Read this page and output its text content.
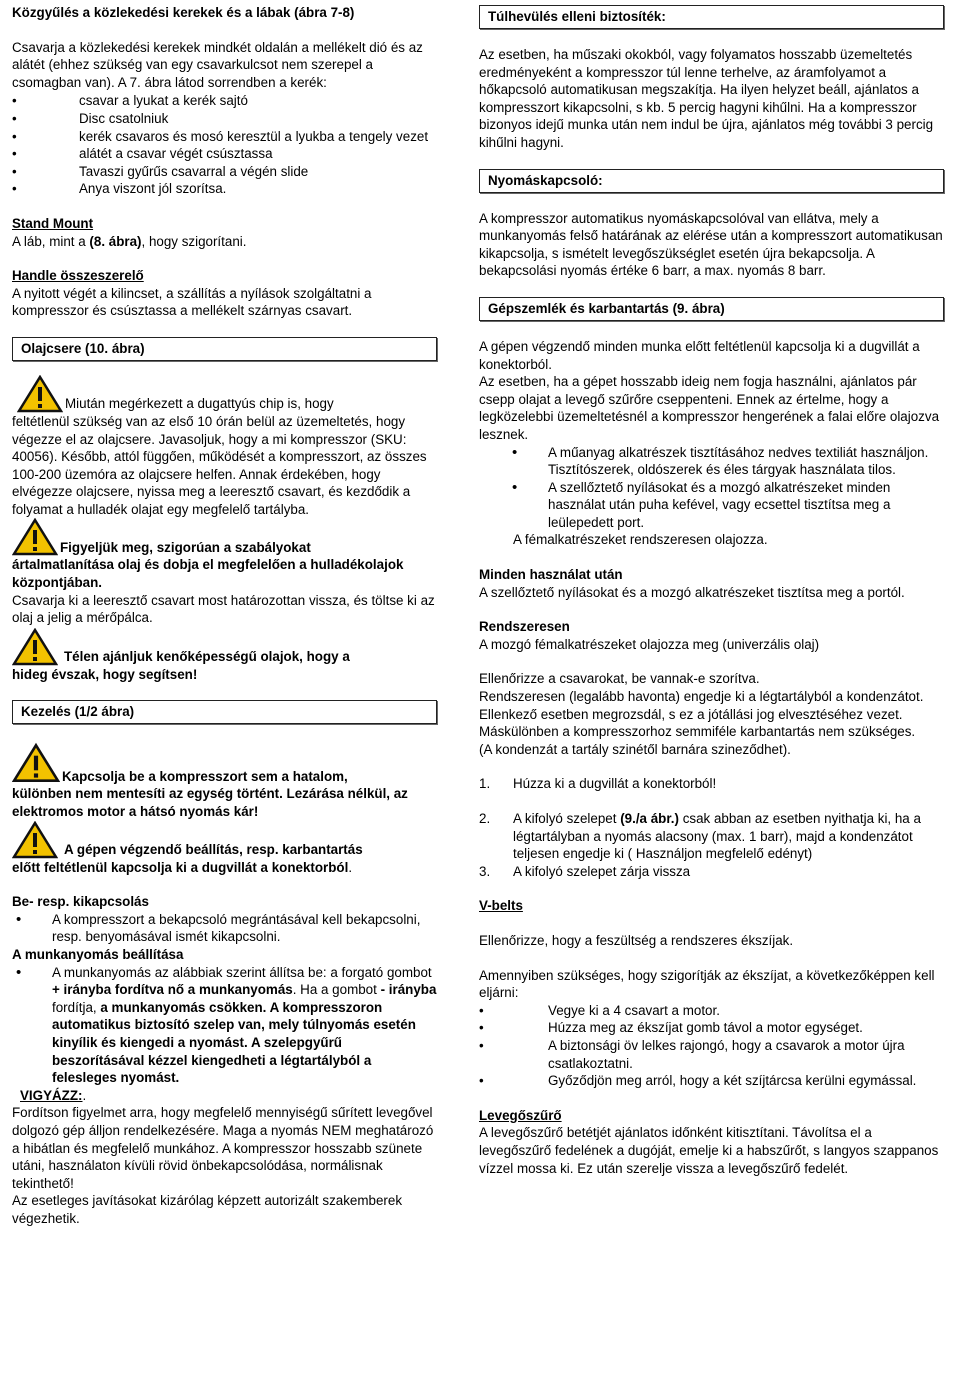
Közgyűlés a közlekedési kerekek és a lábak (ábra 7-8)

Csavarja a közlekedési kerekek mindkét oldalán a mellékelt dió és az alátét (ehhez szükség van egy csavarkulcsot nem szerepel a csomagban van). A 7. ábra látod sorrendben a kerék:

• csavar a lyukat a kerék sajtó
• Disc csatolniuk
• kerék csavaros és mosó keresztül a lyukba a tengely vezet
• alátét a csavar végét csúsztassa
• Tavaszi gyűrűs csavarral a végén slide
• Anya viszont jól szorítsa.

Stand Mount

A láb, mint a (8. ábra), hogy szigorítani.

Handle összeszerelő

A nyitott végét a kilincset, a szállítás a nyílások szolgáltatni a kompresszor és csúsztassa a mellékelt szárnyas csavart.

Olajcsere (10. ábra)
Miután megérkezett a dugattyús chip is, hogy

feltétlenül szükség van az első 10 órán belül az üzemeltetés, hogy végezze el az olajcsere. Javasoljuk, hogy a mi kompresszor (SKU: 40056). Később, attól függően, működését a kompresszort, az összes 100-200 üzemóra az olajcsere helfen. Annak érdekében, hogy elvégezze olajcsere, nyissa meg a leeresztő csavart, és kezdődik a folyamat a hulladék olajat egy megfelelő tartályba.

Figyeljük meg, szigorúan a szabályokat

ártalmatlanítása olaj és dobja el megfelelően a hulladékolajok központjában.

Csavarja ki a leeresztő csavart most határozottan vissza, és töltse ki az olaj a jelig a mérőpálca.

Télen ajánljuk kenőképességű olajok, hogy a

hideg évszak, hogy segítsen!

Kezelés (1/2 ábra)
Kapcsolja be a kompresszort sem a hatalom,

különben nem mentesíti az egység történt. Lezárása nélkül, az elektromos motor a hátsó nyomás kár!

A gépen végzendő beállítás, resp. karbantartás

előtt feltétlenül kapcsolja ki a dugvillát a konektorból.

Be- resp. kikapcsolás

• A kompresszort a bekapcsoló megrántásával kell bekapcsolni, resp. benyomásával ismét kikapcsolni.

A munkanyomás beállítása

• A munkanyomás az alábbiak szerint állítsa be: a forgató gombot + irányba fordítva nő a munkanyomás. Ha a gombot - irányba fordítja, a munkanyomás csökken. A kompresszoron automatikus biztosító szelep van, mely túlnyomás esetén kinyílik és kiengedi a nyomást. A szelepgyűrű beszorításával kézzel kiengedheti a légtartályból a felesleges nyomást.

VIGYÁZZ:.

Fordítson figyelmet arra, hogy megfelelő mennyiségű sűrített levegővel dolgozó gép álljon rendelkezésére. Maga a nyomás NEM meghatározó a hibátlan és megfelelő munkához. A kompresszor hosszabb szünete utáni, használaton kívüli rövid önbekapcsolódása, normálisnak tekinthető!

Az esetleges javításokat kizárólag képzett autorizált szakemberek végezhetik.

Túlhevülés elleni biztosíték:

Az esetben, ha műszaki okokból, vagy folyamatos hosszabb üzemeltetés eredményeként a kompresszor túl lenne terhelve, az áramfolyamot a hőkapcsoló automatikusan megszakítja. Ha ilyen helyzet beáll, ajánlatos a kompresszort kikapcsolni, s kb. 5 percig hagyni kihűlni. Ha a kompresszor bizonyos idejű munka után nem indul be újra, ajánlatos még további 3 percig kihűlni hagyni.

Nyomáskapcsoló:

A kompresszor automatikus nyomáskapcsolóval van ellátva, mely a munkanyomás felső határának az elérése után a kompresszort automatikusan kikapcsolja, s ismételt levegőszükséglet esetén újra bekapcsolja. A bekapcsolási nyomás értéke 6 barr, a max. nyomás 8 barr.

Gépszemlék és karbantartás (9. ábra)

A gépen végzendő minden munka előtt feltétlenül kapcsolja ki a dugvillát a konektorból.

Az esetben, ha a gépet hosszabb ideig nem fogja használni, ajánlatos pár csepp olajat a levegő szűrőre cseppenteni. Ennek az értelme, hogy a legközelebbi üzemeltetésnél a kompresszor hengerének a falai előre olajozva lesznek.

• A műanyag alkatrészek tisztításához nedves textiliát használjon. Tisztítószerek, oldószerek és éles tárgyak használata tilos.
• A szellőztető nyílásokat és a mozgó alkatrészeket minden használat után puha kefével, vagy ecsettel tisztítsa meg a leülepedett port.

A fémalkatrészeket rendszeresen olajozza.

Minden használat után

A szellőztető nyílásokat és a mozgó alkatrészeket tisztítsa meg a portól.

Rendszeresen

A mozgó fémalkatrészeket olajozza meg (univerzális olaj)

Ellenőrizze a csavarokat, be vannak-e szorítva.

Rendszeresen (legalább havonta) engedje ki a légtartályból a kondenzátot. Ellenkező esetben megrozsdál, s ez a jótállási jog elvesztéséhez vezet.

Máskülönben a kompresszorhoz semmiféle karbantartás nem szükséges.

(A kondenzát a tartály szinétől barnára szineződhet).

1. Húzza ki a dugvillát a konektorból!
2. A kifolyó szelepet (9./a ábr.) csak abban az esetben nyithatja ki, ha a légtartályban a nyomás alacsony (max. 1 barr), majd a kondenzátot teljesen engedje ki ( Használjon megfelelő edényt)
3. A kifolyó szelepet zárja vissza

V-belts

Ellenőrizze, hogy a feszültség a rendszeres ékszíjak.

Amennyiben szükséges, hogy szigorítják az ékszíjat, a következőképpen kell eljárni:

• Vegye ki a 4 csavart a motor.
• Húzza meg az ékszíjat gomb távol a motor egységet.
• A biztonsági öv lelkes rajongó, hogy a csavarok a motor újra csatlakoztatni.
• Győződjön meg arról, hogy a két szíjtárcsa kerülni egymással.

Levegőszűrő

A levegőszűrő betétjét ajánlatos időnként kitisztítani. Távolítsa el a levegőszűrő fedelének a dugóját, emelje ki a habszűrőt, s langyos szappanos vízzel mossa ki. Ez után szerelje vissza a levegőszűrő fedelét.
